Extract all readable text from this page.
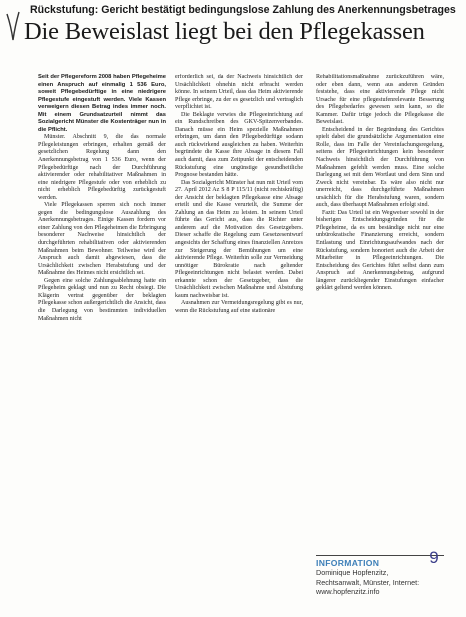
Rückstufung: Gericht bestätigt bedingungslose Zahlung des Anerkennungsbetrages
Die Beweislast liegt bei den Pflegekassen

Seit der Pflegereform 2008 haben Pflegeheime einen Anspruch auf einmalig 1 536 Euro, soweit Pflegebedürftige in eine niedrigere Pflegestufe eingestuft werden. Viele Kassen verweigern diesen Betrag indes immer noch. Mit einem Grundsatzurteil nimmt das Sozialgericht Münster die Kostenträger nun in die Pflicht.

Münster. Abschnitt 9, die das normale Pflegeleistungen erbringen, erhalten gemäß der gesetzlichen Regelung dann den Anerkennungsbetrag von 1 536 Euro, wenn der Pflegebedürftige nach der Durchführung aktivierender oder rehabilitativer Maßnahmen in eine niedrigere Pflegestufe oder von erheblich zu nicht erheblich Pflegebedürftig zurückgestuft werden.

Viele Pflegekassen sperren sich noch immer gegen die bedingungslose Auszahlung des Anerkennungsbetrages. Einige Kassen fordern vor einer Zahlung von den Pflegeheimen die Erbringung besonderer Nachweise hinsichtlich der durchgeführten rehabilitativen oder aktivierenden Maßnahmen beim Bewohner. Teilweise wird der Anspruch auch damit abgewiesen, dass die Ursächlichkeit zwischen Herabstufung und der Maßnahme des Heimes nicht ersichtlich sei.

Gegen eine solche Zahlungsablehnung hatte ein Pflegeheim geklagt und nun zu Recht obsiegt. Die Klägerin vertrat gegenüber der beklagten Pflegekasse schon außergerichtlich die Ansicht, dass die Darlegung von bestimmten individuellen Maßnahmen nicht

erforderlich sei, da der Nachweis hinsichtlich der Ursächlichkeit ohnehin nicht erbracht werden könne. In seinem Urteil, dass das Heim aktivierende Pflege erbringe, zu der es gesetzlich und vertraglich verpflichtet ist.

Die Beklagte verwies die Pflegeeinrichtung auf ein Rundschreiben des GKV-Spitzenverbandes. Danach müsse ein Heim spezielle Maßnahmen erbringen, um dann den Pflegebedürftige sodann auch rückwirkend ausgleichen zu haben. Weiterhin begründete die Kasse ihre Absage in diesem Fall auch damit, dass zum Zeitpunkt der entscheidenden Rückstufung eine ungünstige gesundheitliche Prognose bestanden hätte.

Das Sozialgericht Münster hat nun mit Urteil vom 27. April 2012 Az S 8 P 115/11 (nicht rechtskräftig) der Ansicht der beklagten Pflegekasse eine Absage erteilt und die Kasse verurteilt, die Summe der Zahlung an das Heim zu leisten. In seinem Urteil führte das Gericht aus, dass die Richter unter anderem auf die Motivation des Gesetzgebers. Dieser schaffe die Regelung zum Gesetzesentwurf angesichts der Schaffung eines finanziellen Anreizes zur Steigerung der Bemühungen um eine aktivierende Pflege. Weiterhin solle zur Vermeidung unnötiger Bürokratie nach geltender Pflegeeinrichtungen nicht belastet werden. Dabei erkannte schon der Gesetzgeber, dass die Ursächlichkeit zwischen Maßnahme und Abstufung kaum nachweisbar ist.

Ausnahmen zur Vermeidungsregelung gibt es nur, wenn die Rückstufung auf eine stationäre

Rehabilitationsmaßnahme zurückzuführen wäre, oder eben dann, wenn aus anderen Gründen feststehe, dass eine aktivierende Pflege nicht Ursache für eine pflegestufenrelevante Besserung des Pflegebedarfes gewesen sein kann, so die Kammer. Dafür trüge jedoch die Pflegekasse die Beweislast.

Entscheidend in der Begründung des Gerichtes spielt dabei die grundsätzliche Argumentation eine Rolle, dass im Falle der Vereinfachungsregelung, seitens der Pflegeeinrichtungen kein besonderer Nachweis hinsichtlich der Durchführung von Maßnahmen gefehlt werden muss. Eine solche Darlegung sei mit dem Wortlaut und dem Sinn und Zweck nicht vereinbar. Es wäre also nicht nur unerreicht, dass durchgeführte Maßnahmen ursächlich für die Herabstufung waren, sondern auch, dass überhaupt Maßnahmen erfolgt sind.

Fazit: Das Urteil ist ein Wegweiser sowohl in der bisherigen Entscheidungsgründen für die Pflegeheime, da es um beständige nicht nur eine unbürokratische Finanzierung erreicht, sondern Entlastung und Einrichtungsaufwandes nach der Rückstufung, sondern honoriert auch die Arbeit der Mitarbeiter in Pflegeeinrichtungen. Die Entscheidung des Gerichtes führt selbst dann zum Anspruch auf Anerkennungsbetrag, aufgrund längerer zurückliegender Einstufungen einfacher geklärt geltend werden können.

INFORMATION
Dominique Hopfenzitz,
Rechtsanwalt, Münster, Internet: www.hopfenzitz.info
9
